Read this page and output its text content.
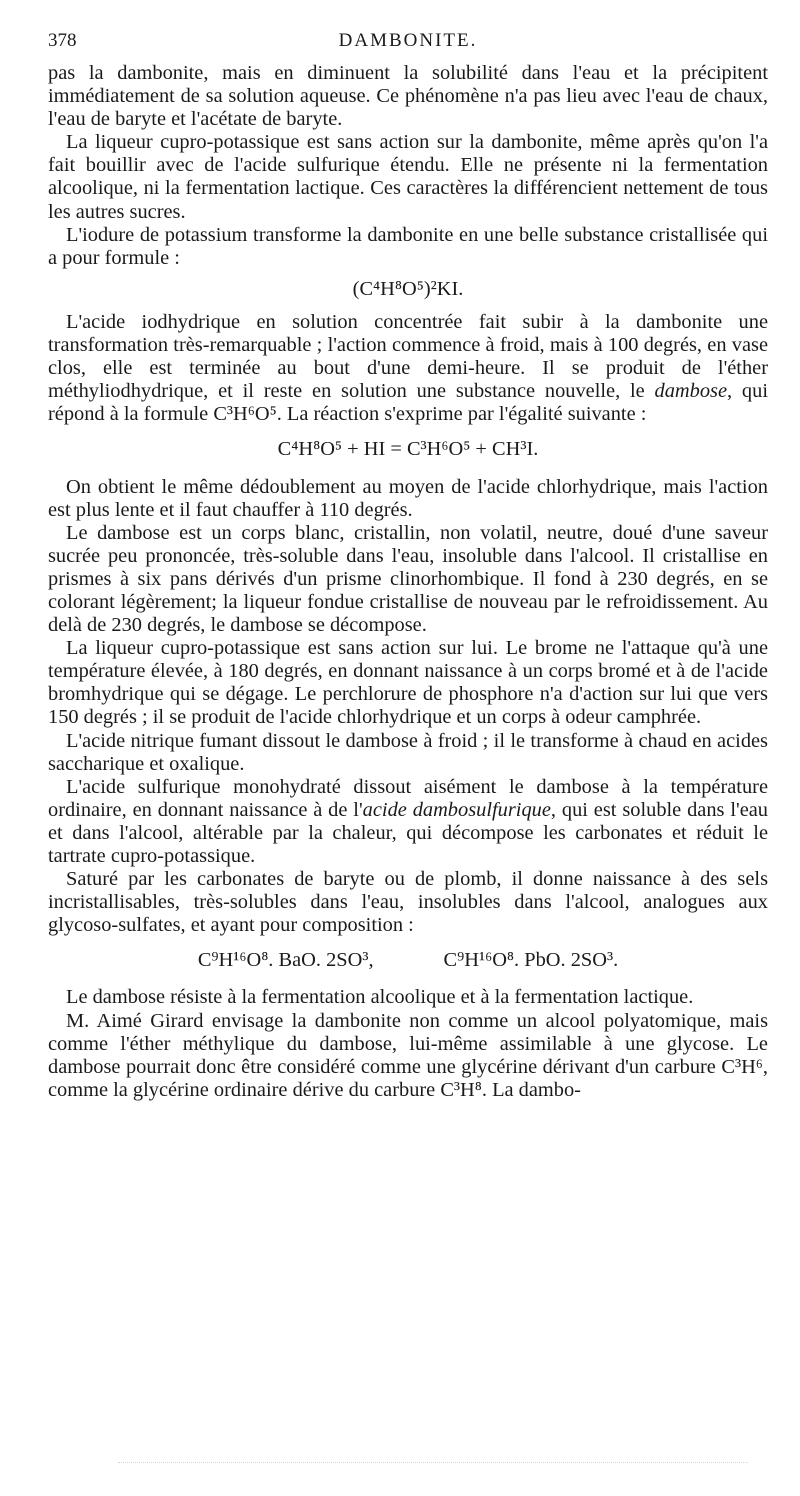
378	DAMBONITE.

pas la dambonite, mais en diminuent la solubilité dans l'eau et la précipitent immédiatement de sa solution aqueuse. Ce phénomène n'a pas lieu avec l'eau de chaux, l'eau de baryte et l'acétate de baryte.

La liqueur cupro-potassique est sans action sur la dambonite, même après qu'on l'a fait bouillir avec de l'acide sulfurique étendu. Elle ne présente ni la fermentation alcoolique, ni la fermentation lactique. Ces caractères la différencient nettement de tous les autres sucres.

L'iodure de potassium transforme la dambonite en une belle substance cristallisée qui a pour formule :

(C⁴H⁸O⁵)²KI.

L'acide iodhydrique en solution concentrée fait subir à la dambonite une transformation très-remarquable ; l'action commence à froid, mais à 100 degrés, en vase clos, elle est terminée au bout d'une demi-heure. Il se produit de l'éther méthyliodhydrique, et il reste en solution une substance nouvelle, le dambose, qui répond à la formule C³H⁶O⁵. La réaction s'exprime par l'égalité suivante :

C⁴H⁸O⁵ + HI = C³H⁶O⁵ + CH³I.

On obtient le même dédoublement au moyen de l'acide chlorhydrique, mais l'action est plus lente et il faut chauffer à 110 degrés.

Le dambose est un corps blanc, cristallin, non volatil, neutre, doué d'une saveur sucrée peu prononcée, très-soluble dans l'eau, insoluble dans l'alcool. Il cristallise en prismes à six pans dérivés d'un prisme clinorhombique. Il fond à 230 degrés, en se colorant légèrement; la liqueur fondue cristallise de nouveau par le refroidissement. Au delà de 230 degrés, le dambose se décompose.

La liqueur cupro-potassique est sans action sur lui. Le brome ne l'attaque qu'à une température élevée, à 180 degrés, en donnant naissance à un corps bromé et à de l'acide bromhydrique qui se dégage. Le perchlorure de phosphore n'a d'action sur lui que vers 150 degrés ; il se produit de l'acide chlorhydrique et un corps à odeur camphrée.

L'acide nitrique fumant dissout le dambose à froid ; il le transforme à chaud en acides saccharique et oxalique.

L'acide sulfurique monohydraté dissout aisément le dambose à la température ordinaire, en donnant naissance à de l'acide dambosulfurique, qui est soluble dans l'eau et dans l'alcool, altérable par la chaleur, qui décompose les carbonates et réduit le tartrate cupro-potassique.

Saturé par les carbonates de baryte ou de plomb, il donne naissance à des sels incristallisables, très-solubles dans l'eau, insolubles dans l'alcool, analogues aux glycoso-sulfates, et ayant pour composition :

C⁹H¹⁶O⁸. BaO. 2SO³,	C⁹H¹⁶O⁸. PbO. 2SO³.

Le dambose résiste à la fermentation alcoolique et à la fermentation lactique.

M. Aimé Girard envisage la dambonite non comme un alcool polyatomique, mais comme l'éther méthylique du dambose, lui-même assimilable à une glycose. Le dambose pourrait donc être considéré comme une glycérine dérivant d'un carbure C³H⁶, comme la glycérine ordinaire dérive du carbure C³H⁸. La dambo-
